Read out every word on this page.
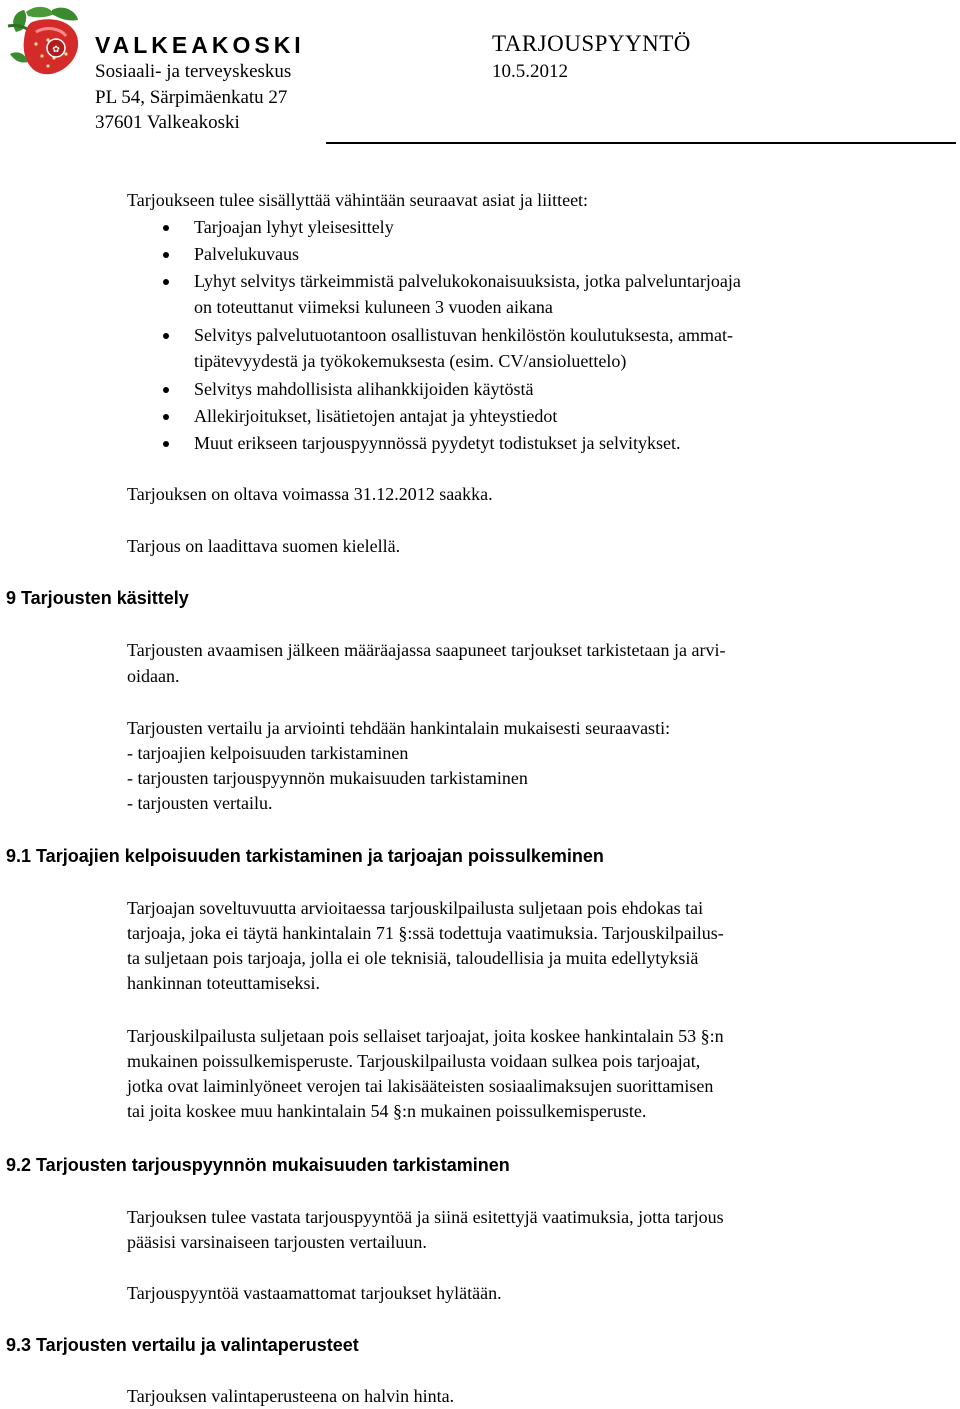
✿ VALKEAKOSKI
Sosiaali- ja terveyskeskus
PL 54, Särpimäenkatu 27
37601 Valkeakoski
TARJOUSPYYNTÖ
10.5.2012
Tarjoukseen tulee sisällyttää vähintään seuraavat asiat ja liitteet:
Tarjoajan lyhyt yleisesittely
Palvelukuvaus
Lyhyt selvitys tärkeimmistä palvelukokonaisuuksista, jotka palveluntarjoaja
on toteuttanut viimeksi kuluneen 3 vuoden aikana
Selvitys palvelutuotantoon osallistuvan henkilöstön koulutuksesta, ammat-
tipätevyydestä ja työkokemuksesta (esim. CV/ansioluettelo)
Selvitys mahdollisista alihankkijoiden käytöstä
Allekirjoitukset, lisätietojen antajat ja yhteystiedot
Muut erikseen tarjouspyynnössä pyydetyt todistukset ja selvitykset.
Tarjouksen on oltava voimassa 31.12.2012 saakka.
Tarjous on laadittava suomen kielellä.
9 Tarjousten käsittely
Tarjousten avaamisen jälkeen määräajassa saapuneet tarjoukset tarkistetaan ja arvi-
oidaan.
Tarjousten vertailu ja arviointi tehdään hankintalain mukaisesti seuraavasti:
- tarjoajien kelpoisuuden tarkistaminen
- tarjousten tarjouspyynnön mukaisuuden tarkistaminen
- tarjousten vertailu.
9.1 Tarjoajien kelpoisuuden tarkistaminen ja tarjoajan poissulkeminen
Tarjoajan soveltuvuutta arvioitaessa tarjouskilpailusta suljetaan pois ehdokas tai
tarjoaja, joka ei täytä hankintalain 71 §:ssä todettuja vaatimuksia. Tarjouskilpailus-
ta suljetaan pois tarjoaja, jolla ei ole teknisiä, taloudellisia ja muita edellytyksiä
hankinnan toteuttamiseksi.
Tarjouskilpailusta suljetaan pois sellaiset tarjoajat, joita koskee hankintalain 53 §:n
mukainen poissulkemisperuste. Tarjouskilpailusta voidaan sulkea pois tarjoajat,
jotka ovat laiminlyöneet verojen tai lakisääteisten sosiaalimaksujen suorittamisen
tai joita koskee muu hankintalain 54 §:n mukainen poissulkemisperuste.
9.2 Tarjousten tarjouspyynnön mukaisuuden tarkistaminen
Tarjouksen tulee vastata tarjouspyyntöä ja siinä esitettyjä vaatimuksia, jotta tarjous
pääsisi varsinaiseen tarjousten vertailuun.
Tarjouspyyntöä vastaamattomat tarjoukset hylätään.
9.3 Tarjousten vertailu ja valintaperusteet
Tarjouksen valintaperusteena on halvin hinta.
